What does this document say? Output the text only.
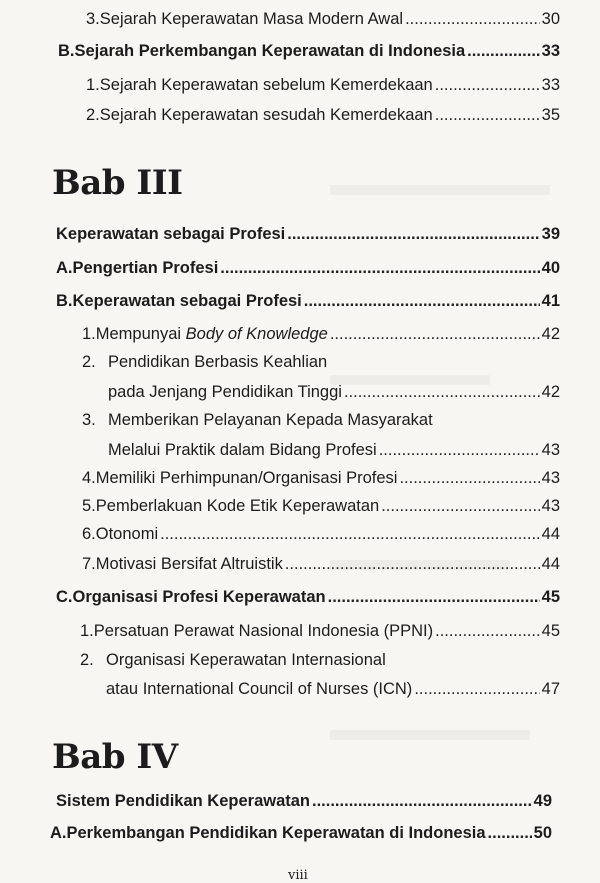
3. Sejarah Keperawatan Masa Modern Awal .....	30
B. Sejarah Perkembangan Keperawatan di Indonesia .....	33
1. Sejarah Keperawatan sebelum Kemerdekaan .....	33
2. Sejarah Keperawatan sesudah Kemerdekaan .....	35
Bab III
Keperawatan sebagai Profesi .....	39
A. Pengertian Profesi .....	40
B. Keperawatan sebagai Profesi .....	41
1. Mempunyai Body of Knowledge .....	42
2. Pendidikan Berbasis Keahlian
pada Jenjang Pendidikan Tinggi .....	42
3. Memberikan Pelayanan Kepada Masyarakat
Melalui Praktik dalam Bidang Profesi .....	43
4. Memiliki Perhimpunan/Organisasi Profesi .....	43
5. Pemberlakuan Kode Etik Keperawatan .....	43
6. Otonomi .....	44
7. Motivasi Bersifat Altruistik .....	44
C. Organisasi Profesi Keperawatan .....	45
1. Persatuan Perawat Nasional Indonesia (PPNI) .....	45
2. Organisasi Keperawatan Internasional
atau International Council of Nurses (ICN) .....	47
Bab IV
Sistem Pendidikan Keperawatan .....	49
A. Perkembangan Pendidikan Keperawatan di Indonesia .....	50
viii
